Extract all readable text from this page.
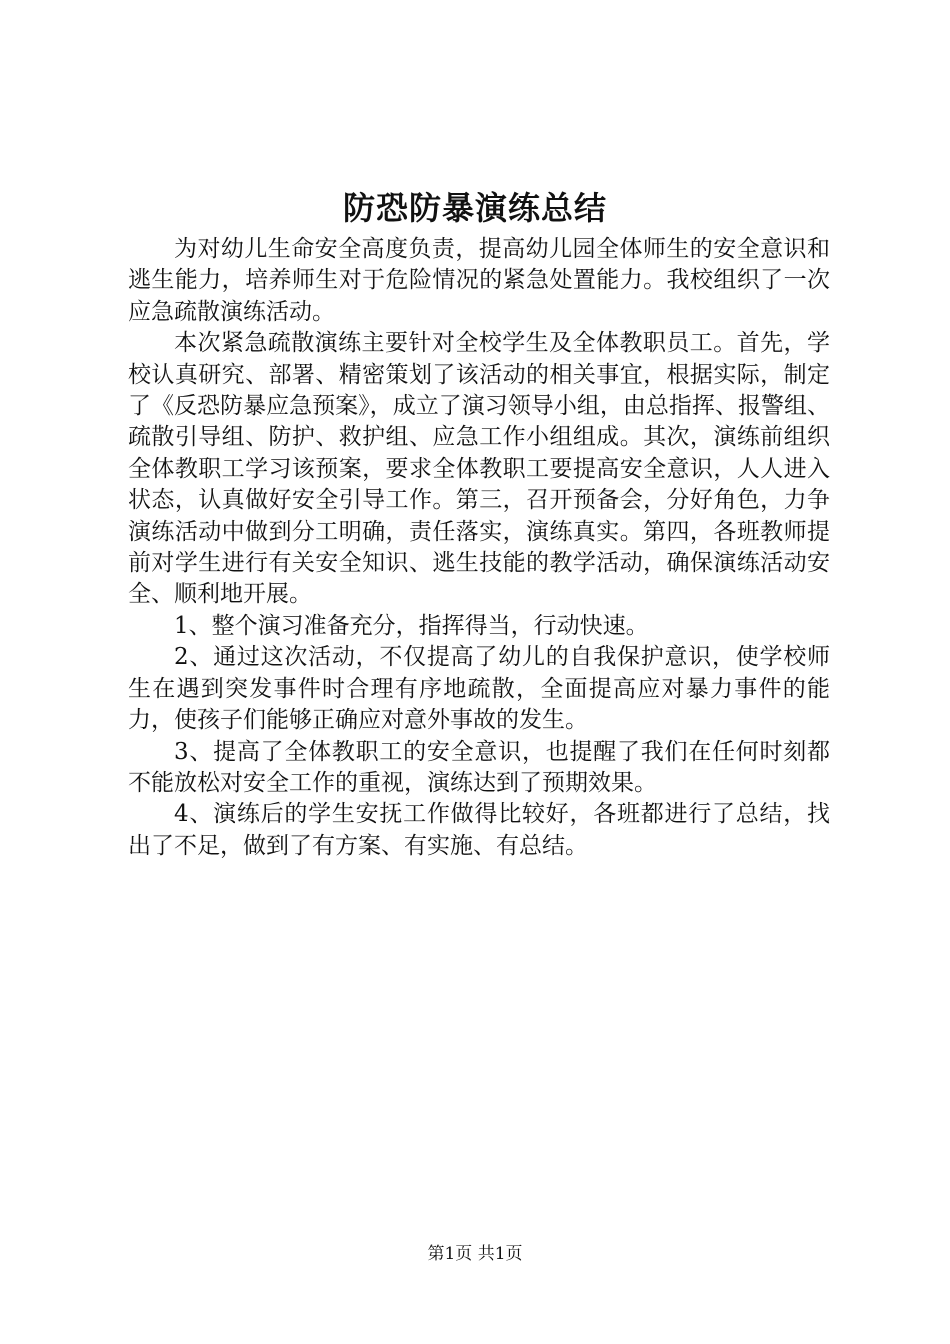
防恐防暴演练总结

为对幼儿生命安全高度负责，提高幼儿园全体师生的安全意识和逃生能力，培养师生对于危险情况的紧急处置能力。我校组织了一次应急疏散演练活动。

本次紧急疏散演练主要针对全校学生及全体教职员工。首先，学校认真研究、部署、精密策划了该活动的相关事宜，根据实际，制定了《反恐防暴应急预案》，成立了演习领导小组，由总指挥、报警组、疏散引导组、防护、救护组、应急工作小组组成。其次，演练前组织全体教职工学习该预案，要求全体教职工要提高安全意识，人人进入状态，认真做好安全引导工作。第三，召开预备会，分好角色，力争演练活动中做到分工明确，责任落实，演练真实。第四，各班教师提前对学生进行有关安全知识、逃生技能的教学活动，确保演练活动安全、顺利地开展。

1、整个演习准备充分，指挥得当，行动快速。

2、通过这次活动，不仅提高了幼儿的自我保护意识，使学校师生在遇到突发事件时合理有序地疏散，全面提高应对暴力事件的能力，使孩子们能够正确应对意外事故的发生。

3、提高了全体教职工的安全意识，也提醒了我们在任何时刻都不能放松对安全工作的重视，演练达到了预期效果。

4、演练后的学生安抚工作做得比较好，各班都进行了总结，找出了不足，做到了有方案、有实施、有总结。

第1页 共1页
